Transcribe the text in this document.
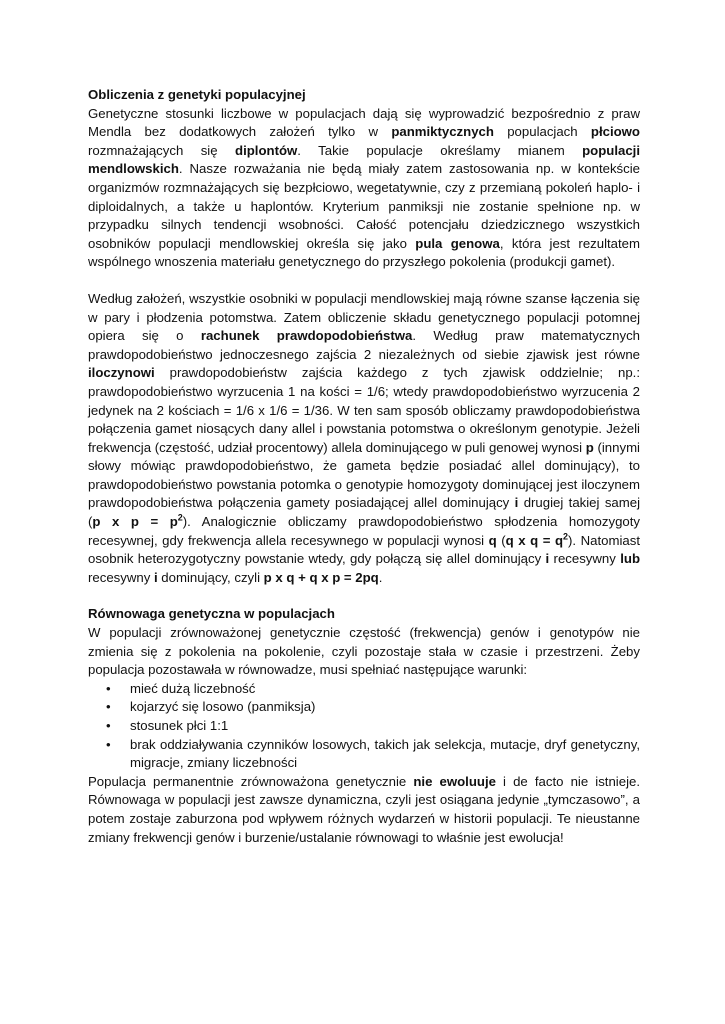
Obliczenia z genetyki populacyjnej

Genetyczne stosunki liczbowe w populacjach dają się wyprowadzić bezpośrednio z praw Mendla bez dodatkowych założeń tylko w panmiktycznych populacjach płciowo rozmnażających się diplontów. Takie populacje określamy mianem populacji mendlowskich. Nasze rozważania nie będą miały zatem zastosowania np. w kontekście organizmów rozmnażających się bezpłciowo, wegetatywnie, czy z przemianą pokoleń haplo- i diploidalnych, a także u haplontów. Kryterium panmiksji nie zostanie spełnione np. w przypadku silnych tendencji wsobności. Całość potencjału dziedzicznego wszystkich osobników populacji mendlowskiej określa się jako pula genowa, która jest rezultatem wspólnego wnoszenia materiału genetycznego do przyszłego pokolenia (produkcji gamet).

Według założeń, wszystkie osobniki w populacji mendlowskiej mają równe szanse łączenia się w pary i płodzenia potomstwa. Zatem obliczenie składu genetycznego populacji potomnej opiera się o rachunek prawdopodobieństwa. Według praw matematycznych prawdopodobieństwo jednoczesnego zajścia 2 niezależnych od siebie zjawisk jest równe iloczynowi prawdopodobieństw zajścia każdego z tych zjawisk oddzielnie; np.: prawdopodobieństwo wyrzucenia 1 na kości = 1/6; wtedy prawdopodobieństwo wyrzucenia 2 jedynek na 2 kościach = 1/6 x 1/6 = 1/36. W ten sam sposób obliczamy prawdopodobieństwa połączenia gamet niosących dany allel i powstania potomstwa o określonym genotypie. Jeżeli frekwencja (częstość, udział procentowy) allela dominującego w puli genowej wynosi p (innymi słowy mówiąc prawdopodobieństwo, że gameta będzie posiadać allel dominujący), to prawdopodobieństwo powstania potomka o genotypie homozygoty dominującej jest iloczynem prawdopodobieństwa połączenia gamety posiadającej allel dominujący i drugiej takiej samej (p x $p = p^2$). Analogicznie obliczamy prawdopodobieństwo spłodzenia homozygoty recesywnej, gdy frekwencja allela recesywnego w populacji wynosi q (q x $q = q^2$). Natomiast osobnik heterozygotyczny powstanie wtedy, gdy połączą się allel dominujący i recesywny lub recesywny i dominujący, czyli p x q + q x p = 2pq.

Równowaga genetyczna w populacjach

W populacji zrównoważonej genetycznie częstość (frekwencja) genów i genotypów nie zmienia się z pokolenia na pokolenie, czyli pozostaje stała w czasie i przestrzeni. Żeby populacja pozostawała w równowadze, musi spełniać następujące warunki:

• mieć dużą liczebność
• kojarzyć się losowo (panmiksja)
• stosunek płci 1:1
• brak oddziaływania czynników losowych, takich jak selekcja, mutacje, dryf genetyczny, migracje, zmiany liczebności

Populacja permanentnie zrównoważona genetycznie nie ewoluuje i de facto nie istnieje. Równowaga w populacji jest zawsze dynamiczna, czyli jest osiągana jedynie „tymczasowo”, a potem zostaje zaburzona pod wpływem różnych wydarzeń w historii populacji. Te nieustanne zmiany frekwencji genów i burzenie/ustalanie równowagi to właśnie jest ewolucja!
